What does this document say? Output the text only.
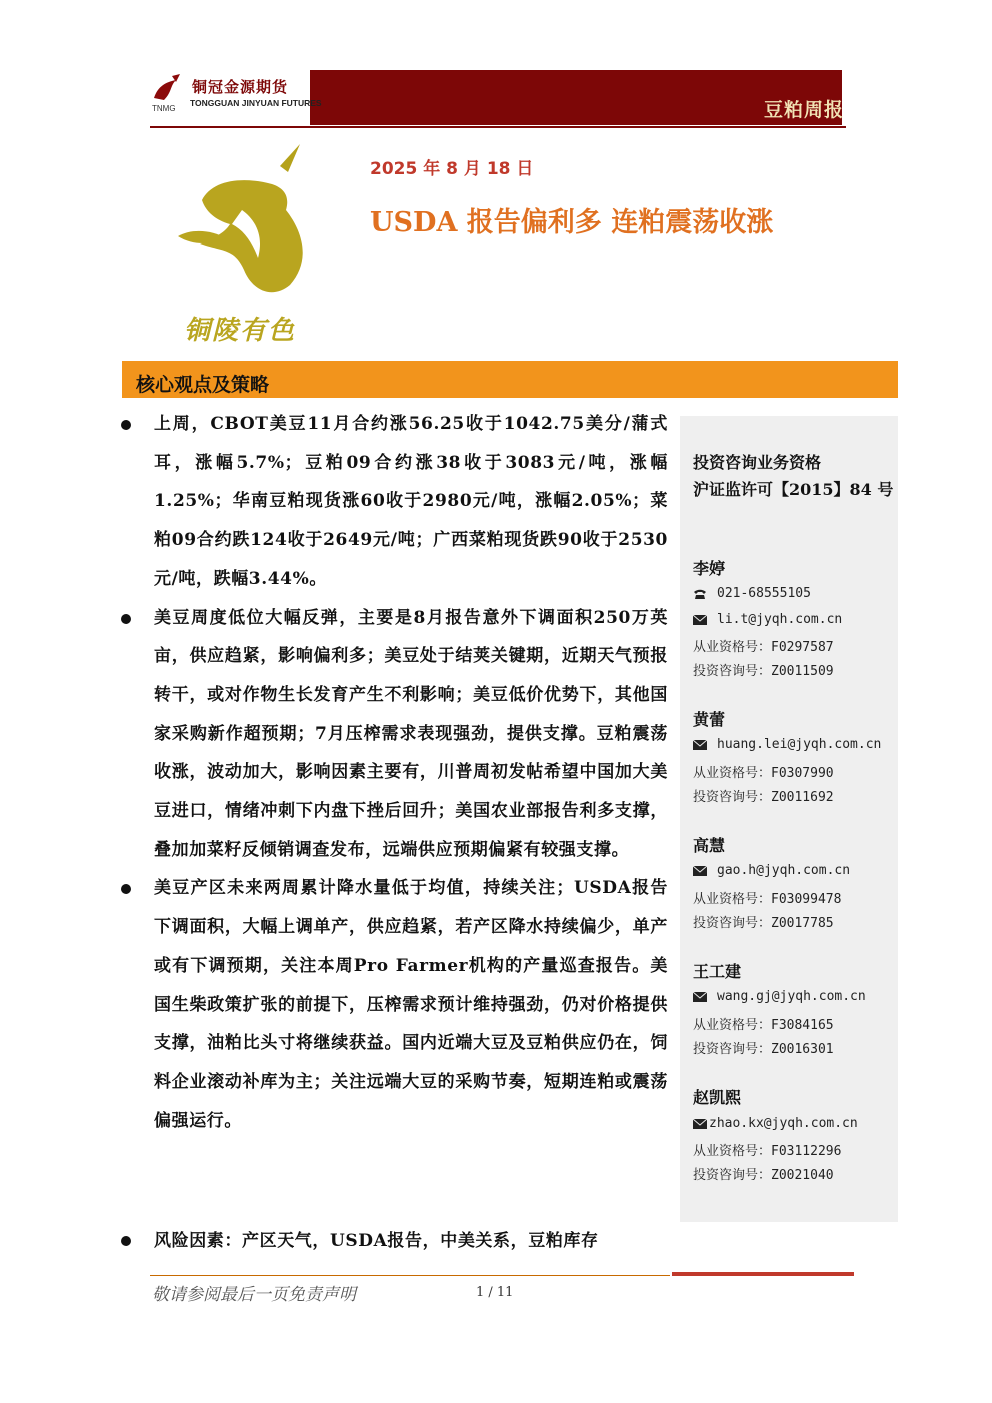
豆粕周报
TNMG
铜冠金源期货
TONGGUAN JINYUAN FUTURES
铜陵有色
2025 年 8 月 18 日
USDA 报告偏利多 连粕震荡收涨
核心观点及策略
上周，CBOT美豆11月合约涨56.25收于1042.75美分/蒲式耳，涨幅5.7%；豆粕09合约涨38收于3083元/吨，涨幅1.25%；华南豆粕现货涨60收于2980元/吨，涨幅2.05%；菜粕09合约跌124收于2649元/吨；广西菜粕现货跌90收于2530元/吨，跌幅3.44%。
美豆周度低位大幅反弹，主要是8月报告意外下调面积250万英亩，供应趋紧，影响偏利多；美豆处于结荚关键期，近期天气预报转干，或对作物生长发育产生不利影响；美豆低价优势下，其他国家采购新作超预期；7月压榨需求表现强劲，提供支撑。豆粕震荡收涨，波动加大，影响因素主要有，川普周初发帖希望中国加大美豆进口，情绪冲刺下内盘下挫后回升；美国农业部报告利多支撑，叠加加菜籽反倾销调查发布，远端供应预期偏紧有较强支撑。
美豆产区未来两周累计降水量低于均值，持续关注；USDA报告下调面积，大幅上调单产，供应趋紧，若产区降水持续偏少，单产或有下调预期，关注本周Pro Farmer机构的产量巡查报告。美国生柴政策扩张的前提下，压榨需求预计维持强劲，仍对价格提供支撑，油粕比头寸将继续获益。国内近端大豆及豆粕供应仍在，饲料企业滚动补库为主；关注远端大豆的采购节奏，短期连粕或震荡偏强运行。
风险因素：产区天气，USDA报告，中美关系，豆粕库存
投资咨询业务资格
沪证监许可【2015】84 号
李婷
021-68555105
li.t@jyqh.com.cn
从业资格号：F0297587
投资咨询号：Z0011509
黄蕾
huang.lei@jyqh.com.cn
从业资格号：F0307990
投资咨询号：Z0011692
高慧
gao.h@jyqh.com.cn
从业资格号：F03099478
投资咨询号：Z0017785
王工建
wang.gj@jyqh.com.cn
从业资格号：F3084165
投资咨询号：Z0016301
赵凯熙
zhao.kx@jyqh.com.cn
从业资格号：F03112296
投资咨询号：Z0021040
敬请参阅最后一页免责声明	1 / 11
